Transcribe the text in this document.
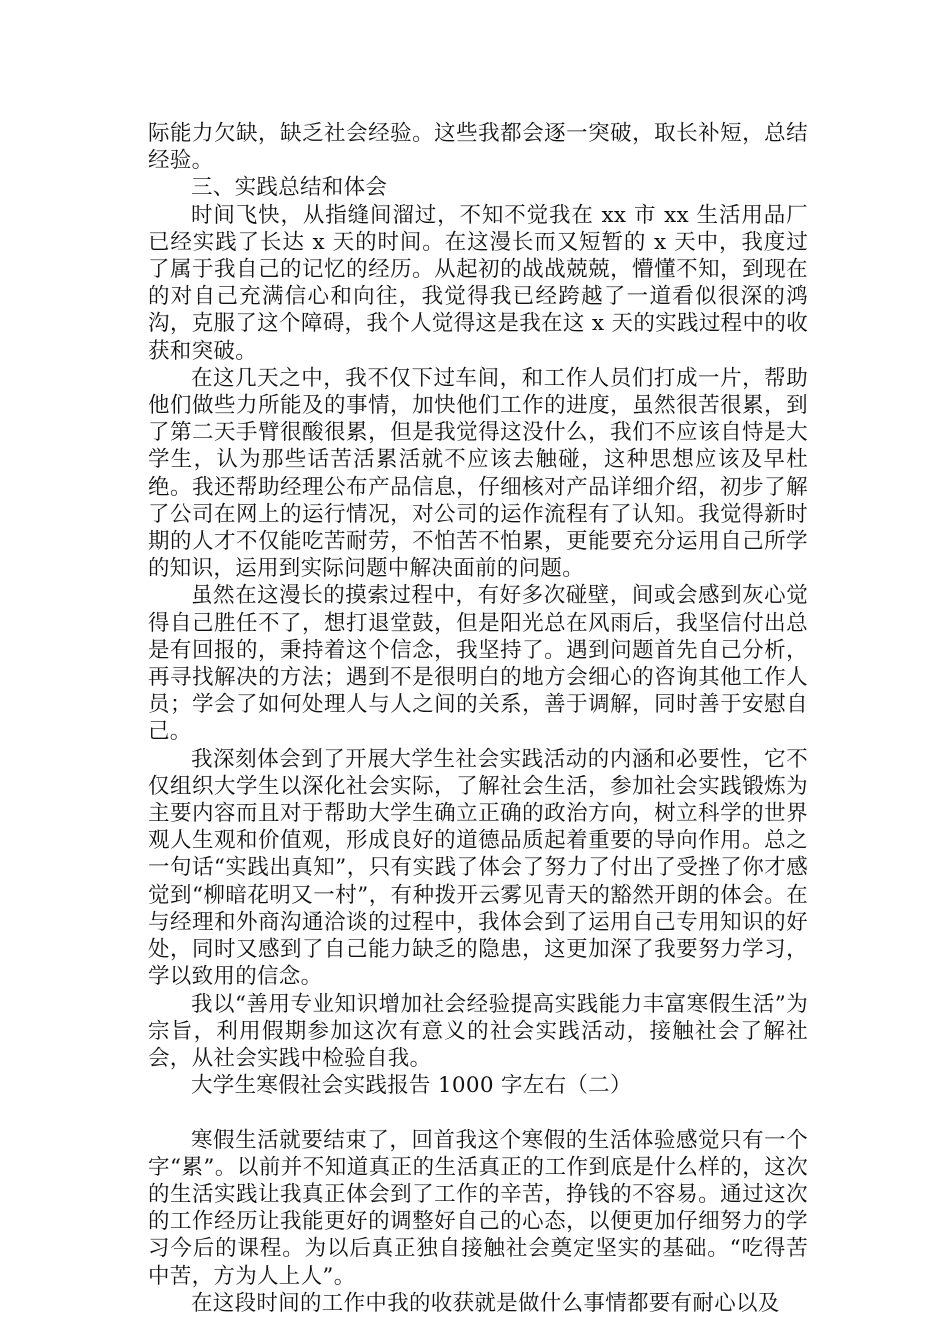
际能力欠缺，缺乏社会经验。这些我都会逐一突破，取长补短，总结经验。

三、实践总结和体会

时间飞快，从指缝间溜过，不知不觉我在 xx 市 xx 生活用品厂已经实践了长达 x 天的时间。在这漫长而又短暂的 x 天中，我度过了属于我自己的记忆的经历。从起初的战战兢兢，懵懂不知，到现在的对自己充满信心和向往，我觉得我已经跨越了一道看似很深的鸿沟，克服了这个障碍，我个人觉得这是我在这 x 天的实践过程中的收获和突破。

在这几天之中，我不仅下过车间，和工作人员们打成一片，帮助他们做些力所能及的事情，加快他们工作的进度，虽然很苦很累，到了第二天手臂很酸很累，但是我觉得这没什么，我们不应该自恃是大学生，认为那些话苦活累活就不应该去触碰，这种思想应该及早杜绝。我还帮助经理公布产品信息，仔细核对产品详细介绍，初步了解了公司在网上的运行情况，对公司的运作流程有了认知。我觉得新时期的人才不仅能吃苦耐劳，不怕苦不怕累，更能要充分运用自己所学的知识，运用到实际问题中解决面前的问题。

虽然在这漫长的摸索过程中，有好多次碰壁，间或会感到灰心觉得自己胜任不了，想打退堂鼓，但是阳光总在风雨后，我坚信付出总是有回报的，秉持着这个信念，我坚持了。遇到问题首先自己分析，再寻找解决的方法；遇到不是很明白的地方会细心的咨询其他工作人员；学会了如何处理人与人之间的关系，善于调解，同时善于安慰自己。

我深刻体会到了开展大学生社会实践活动的内涵和必要性，它不仅组织大学生以深化社会实际，了解社会生活，参加社会实践锻炼为主要内容而且对于帮助大学生确立正确的政治方向，树立科学的世界观人生观和价值观，形成良好的道德品质起着重要的导向作用。总之一句话“实践出真知”，只有实践了体会了努力了付出了受挫了你才感觉到“柳暗花明又一村”，有种拨开云雾见青天的豁然开朗的体会。在与经理和外商沟通洽谈的过程中，我体会到了运用自己专用知识的好处，同时又感到了自己能力缺乏的隐患，这更加深了我要努力学习，学以致用的信念。

我以“善用专业知识增加社会经验提高实践能力丰富寒假生活”为宗旨，利用假期参加这次有意义的社会实践活动，接触社会了解社会，从社会实践中检验自我。

大学生寒假社会实践报告 1000 字左右（二）

寒假生活就要结束了，回首我这个寒假的生活体验感觉只有一个字“累”。以前并不知道真正的生活真正的工作到底是什么样的，这次的生活实践让我真正体会到了工作的辛苦，挣钱的不容易。通过这次的工作经历让我能更好的调整好自己的心态，以便更加仔细努力的学习今后的课程。为以后真正独自接触社会奠定坚实的基础。“吃得苦中苦，方为人上人”。

在这段时间的工作中我的收获就是做什么事情都要有耐心以及
